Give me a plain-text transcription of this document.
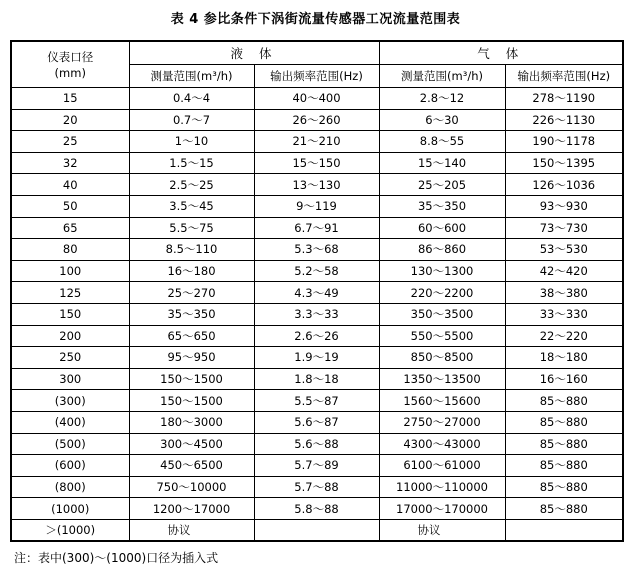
表 4 参比条件下涡街流量传感器工况流量范围表
仪表口径
(mm)	液 体		气 体	
	测量范围(m³/h)	输出频率范围(Hz)	测量范围(m³/h)	输出频率范围(Hz)
15	0.4～4	40～400	2.8～12	278～1190
20	0.7～7	26～260	6～30	226～1130
25	1～10	21～210	8.8～55	190～1178
32	1.5～15	15～150	15～140	150～1395
40	2.5～25	13～130	25～205	126～1036
50	3.5～45	9～119	35～350	93～930
65	5.5～75	6.7～91	60～600	73～730
80	8.5～110	5.3～68	86～860	53～530
100	16～180	5.2～58	130～1300	42～420
125	25～270	4.3～49	220～2200	38～380
150	35～350	3.3～33	350～3500	33～330
200	65～650	2.6～26	550～5500	22～220
250	95～950	1.9～19	850～8500	18～180
300	150～1500	1.8～18	1350～13500	16～160
(300)	150～1500	5.5～87	1560～15600	85～880
(400)	180～3000	5.6～87	2750～27000	85～880
(500)	300～4500	5.6～88	4300～43000	85～880
(600)	450～6500	5.7～89	6100～61000	85～880
(800)	750～10000	5.7～88	11000～110000	85～880
(1000)	1200～17000	5.8～88	17000～170000	85～880
＞(1000)	协议		协议	
注：表中(300)～(1000)口径为插入式
